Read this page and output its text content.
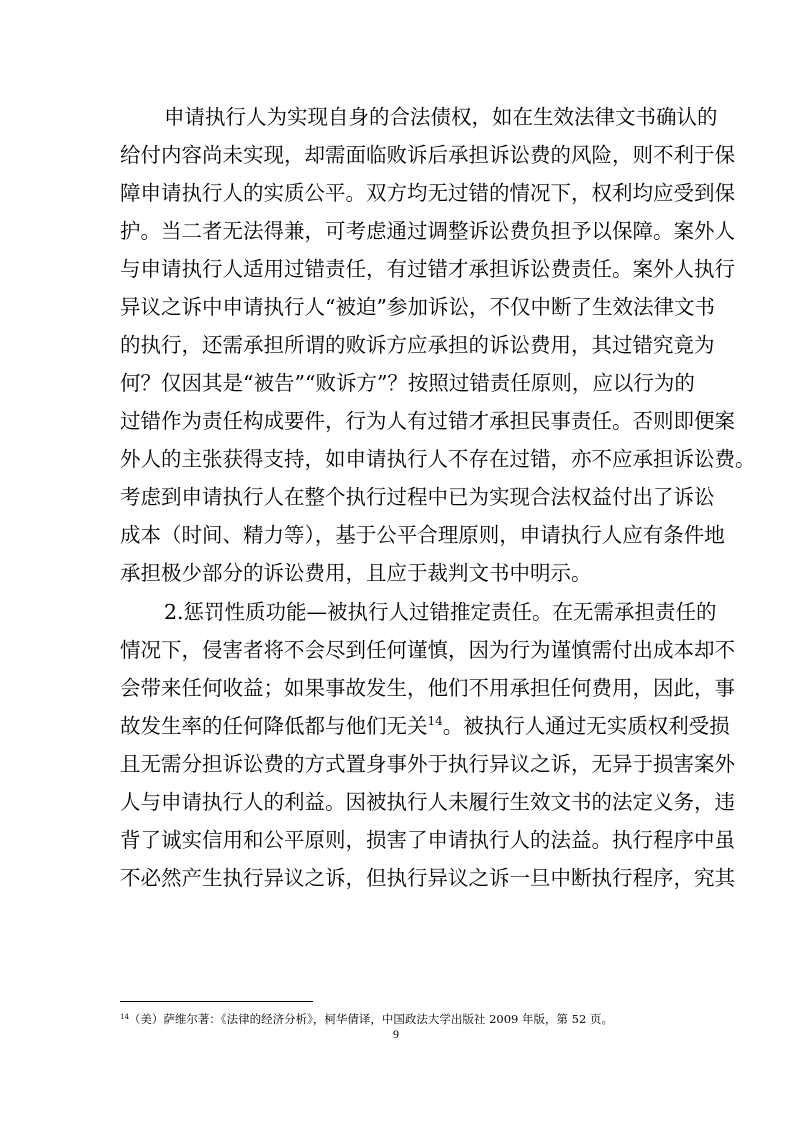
申请执行人为实现自身的合法债权，如在生效法律文书确认的
给付内容尚未实现，却需面临败诉后承担诉讼费的风险，则不利于保
障申请执行人的实质公平。双方均无过错的情况下，权利均应受到保
护。当二者无法得兼，可考虑通过调整诉讼费负担予以保障。案外人
与申请执行人适用过错责任，有过错才承担诉讼费责任。案外人执行
异议之诉中申请执行人“被迫”参加诉讼，不仅中断了生效法律文书
的执行，还需承担所谓的败诉方应承担的诉讼费用，其过错究竟为
何？仅因其是“被告”“败诉方”？按照过错责任原则，应以行为的
过错作为责任构成要件，行为人有过错才承担民事责任。否则即便案
外人的主张获得支持，如申请执行人不存在过错，亦不应承担诉讼费。
考虑到申请执行人在整个执行过程中已为实现合法权益付出了诉讼
成本（时间、精力等），基于公平合理原则，申请执行人应有条件地
承担极少部分的诉讼费用，且应于裁判文书中明示。
2.惩罚性质功能—被执行人过错推定责任。在无需承担责任的
情况下，侵害者将不会尽到任何谨慎，因为行为谨慎需付出成本却不
会带来任何收益；如果事故发生，他们不用承担任何费用，因此，事
故发生率的任何降低都与他们无关$^{14}$。被执行人通过无实质权利受损
且无需分担诉讼费的方式置身事外于执行异议之诉，无异于损害案外
人与申请执行人的利益。因被执行人未履行生效文书的法定义务，违
背了诚实信用和公平原则，损害了申请执行人的法益。执行程序中虽
不必然产生执行异议之诉，但执行异议之诉一旦中断执行程序，究其
$^{14}$（美）萨维尔著：《法律的经济分析》，柯华倩译，中国政法大学出版社 2009 年版，第 52 页。
9
